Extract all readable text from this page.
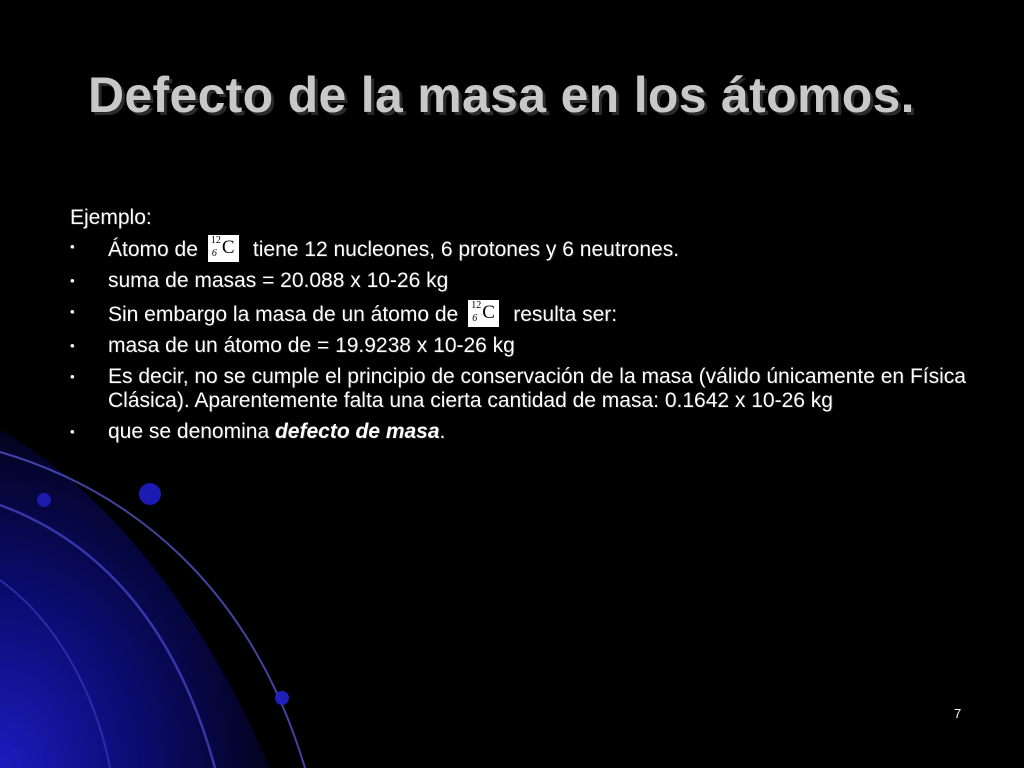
Defecto de la masa en los átomos.
Ejemplo:
•
Átomo de 12
6 C tiene 12 nucleones, 6 protones y 6 neutrones.
•
suma de masas = 20.088 x 10-26 kg
•
Sin embargo la masa de un átomo de 12
6 C resulta ser:
•
masa de un átomo de = 19.9238 x 10-26 kg
•
Es decir, no se cumple el principio de conservación de la masa (válido únicamente en Física Clásica). Aparentemente falta una cierta cantidad de masa: 0.1642 x 10-26 kg
•
que se denomina defecto de masa.
7
